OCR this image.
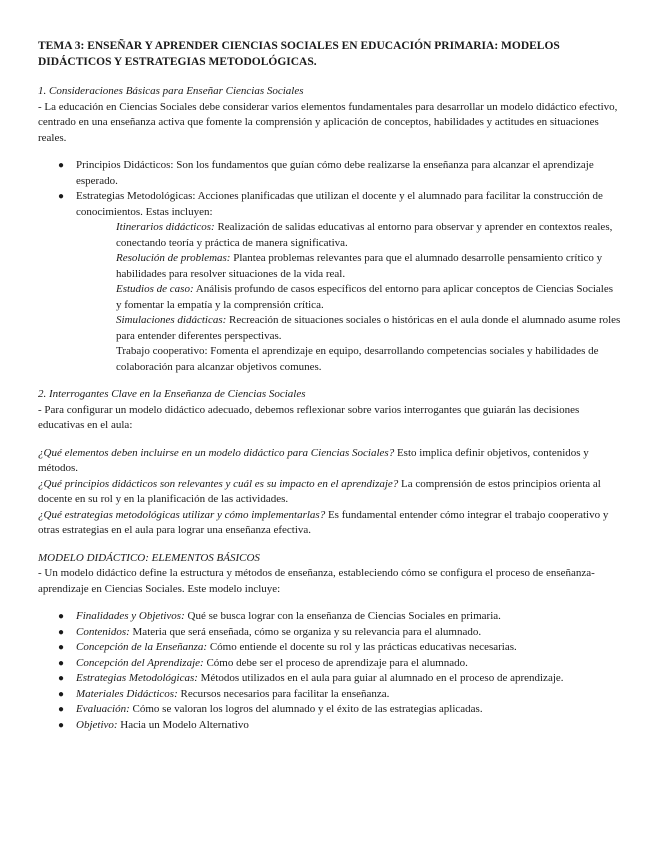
TEMA 3: ENSEÑAR Y APRENDER CIENCIAS SOCIALES EN EDUCACIÓN PRIMARIA: MODELOS DIDÁCTICOS Y ESTRATEGIAS METODOLÓGICAS.

1. Consideraciones Básicas para Enseñar Ciencias Sociales

- La educación en Ciencias Sociales debe considerar varios elementos fundamentales para desarrollar un modelo didáctico efectivo, centrado en una enseñanza activa que fomente la comprensión y aplicación de conceptos, habilidades y actitudes en situaciones reales.

● Principios Didácticos: Son los fundamentos que guían cómo debe realizarse la enseñanza para alcanzar el aprendizaje esperado.
● Estrategias Metodológicas: Acciones planificadas que utilizan el docente y el alumnado para facilitar la construcción de conocimientos. Estas incluyen:

Itinerarios didácticos: Realización de salidas educativas al entorno para observar y aprender en contextos reales, conectando teoría y práctica de manera significativa.

Resolución de problemas: Plantea problemas relevantes para que el alumnado desarrolle pensamiento crítico y habilidades para resolver situaciones de la vida real.

Estudios de caso: Análisis profundo de casos específicos del entorno para aplicar conceptos de Ciencias Sociales y fomentar la empatía y la comprensión crítica.

Simulaciones didácticas: Recreación de situaciones sociales o históricas en el aula donde el alumnado asume roles para entender diferentes perspectivas.

Trabajo cooperativo: Fomenta el aprendizaje en equipo, desarrollando competencias sociales y habilidades de colaboración para alcanzar objetivos comunes.

2. Interrogantes Clave en la Enseñanza de Ciencias Sociales

- Para configurar un modelo didáctico adecuado, debemos reflexionar sobre varios interrogantes que guiarán las decisiones educativas en el aula:

¿Qué elementos deben incluirse en un modelo didáctico para Ciencias Sociales? Esto implica definir objetivos, contenidos y métodos.

¿Qué principios didácticos son relevantes y cuál es su impacto en el aprendizaje? La comprensión de estos principios orienta al docente en su rol y en la planificación de las actividades.

¿Qué estrategias metodológicas utilizar y cómo implementarlas? Es fundamental entender cómo integrar el trabajo cooperativo y otras estrategias en el aula para lograr una enseñanza efectiva.

MODELO DIDÁCTICO: ELEMENTOS BÁSICOS

- Un modelo didáctico define la estructura y métodos de enseñanza, estableciendo cómo se configura el proceso de enseñanza-aprendizaje en Ciencias Sociales. Este modelo incluye:

● Finalidades y Objetivos: Qué se busca lograr con la enseñanza de Ciencias Sociales en primaria.
● Contenidos: Materia que será enseñada, cómo se organiza y su relevancia para el alumnado.
● Concepción de la Enseñanza: Cómo entiende el docente su rol y las prácticas educativas necesarias.
● Concepción del Aprendizaje: Cómo debe ser el proceso de aprendizaje para el alumnado.
● Estrategias Metodológicas: Métodos utilizados en el aula para guiar al alumnado en el proceso de aprendizaje.
● Materiales Didácticos: Recursos necesarios para facilitar la enseñanza.
● Evaluación: Cómo se valoran los logros del alumnado y el éxito de las estrategias aplicadas.
● Objetivo: Hacia un Modelo Alternativo
